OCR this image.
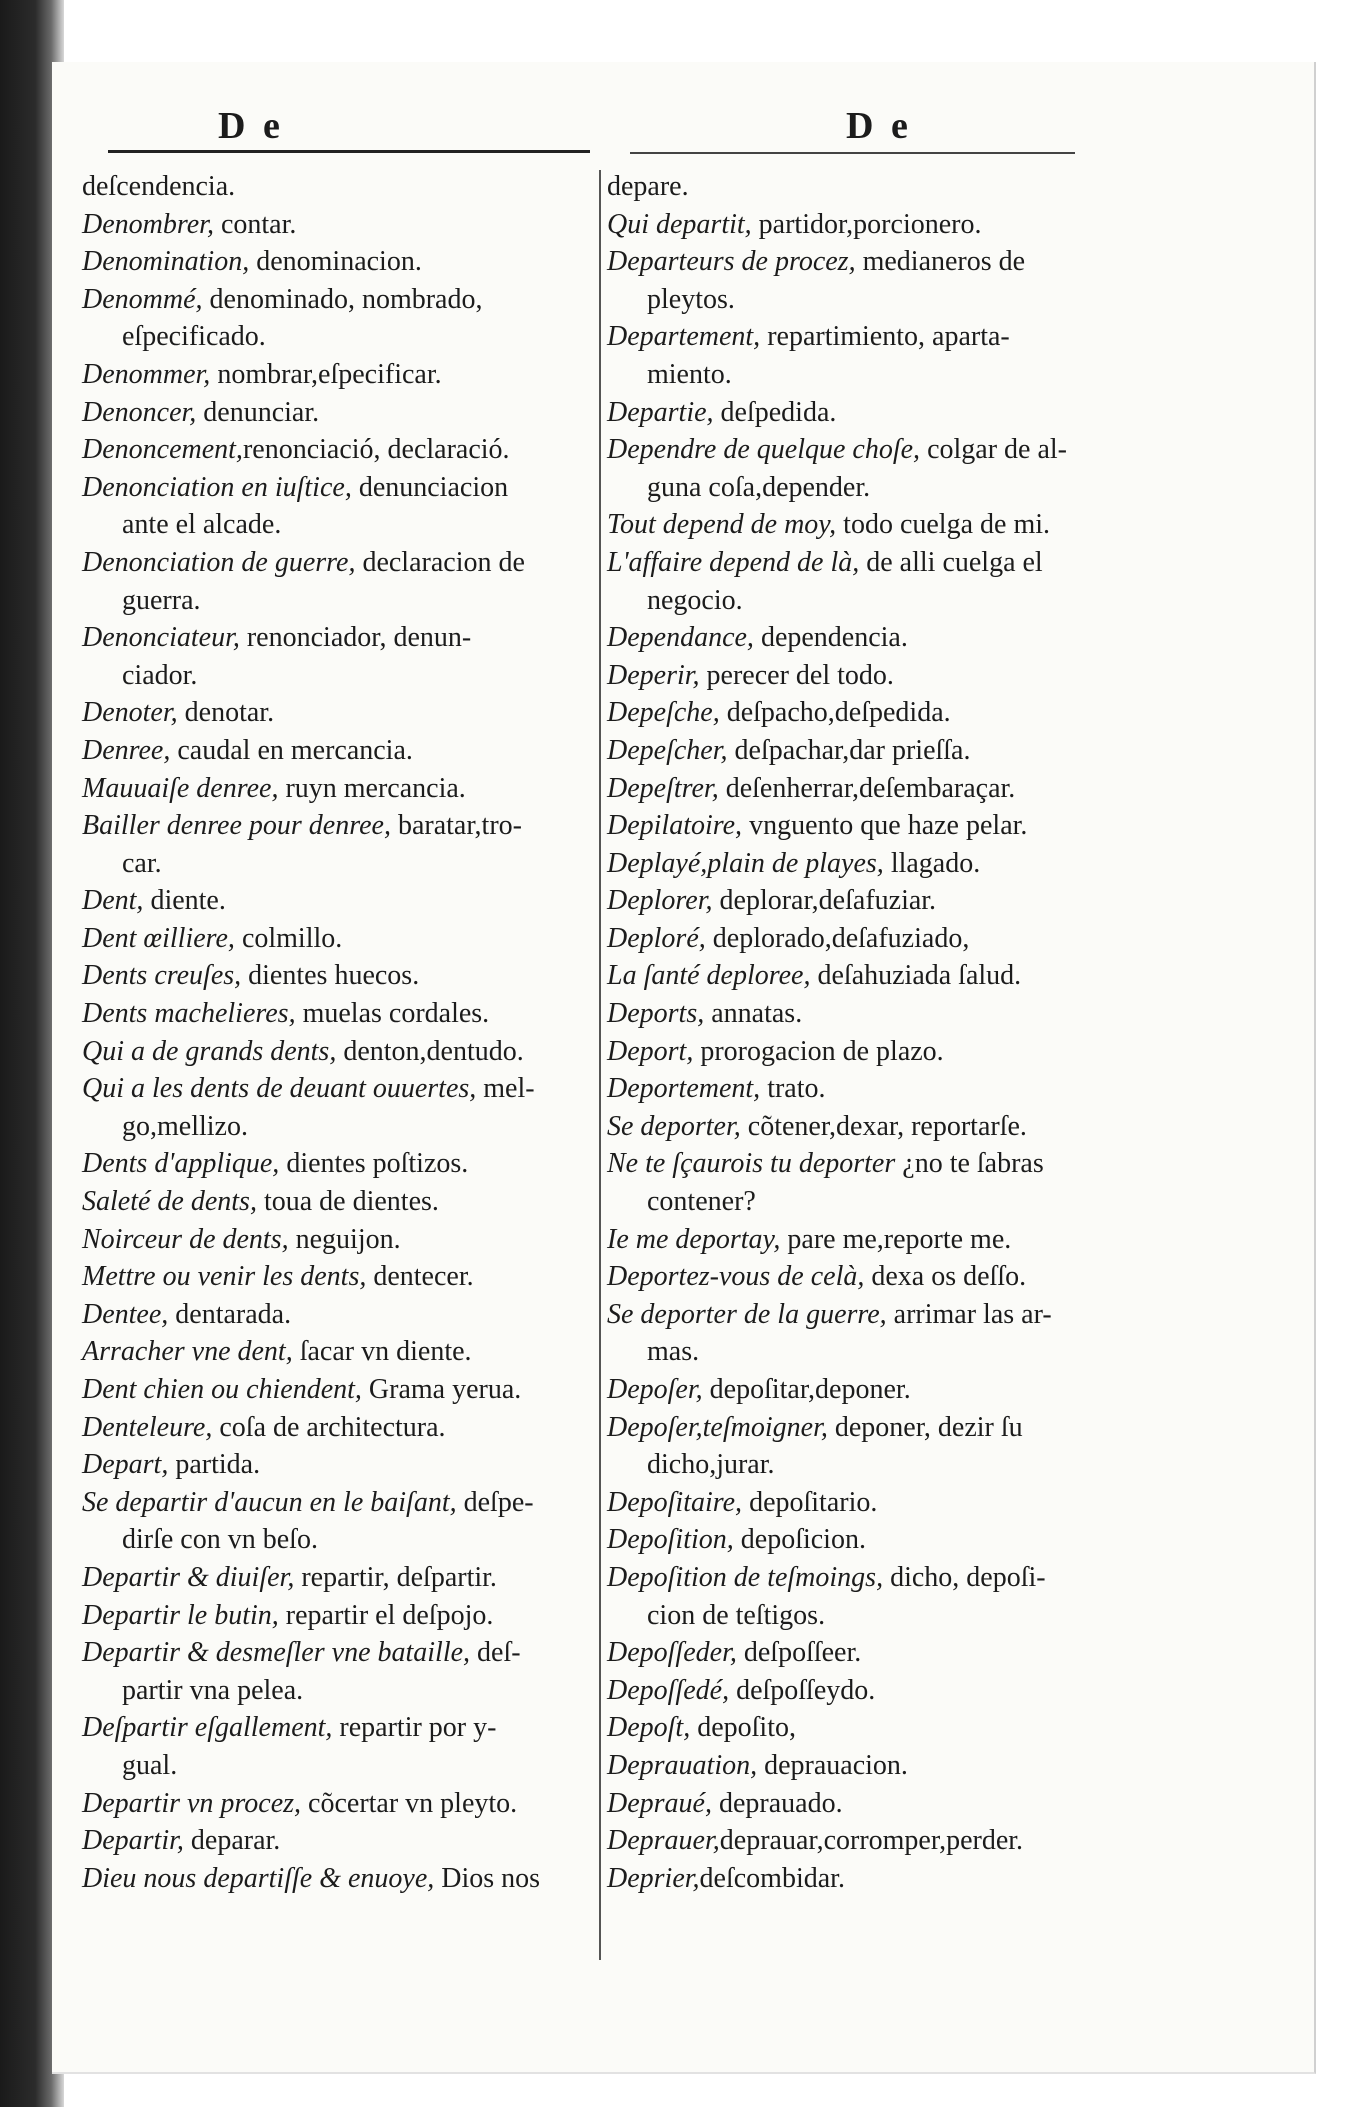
D e	D e
deſcendencia.
Denombrer, contar.
Denomination, denominacion.
Denommé, denominado, nombrado,
eſpecificado.
Denommer, nombrar,eſpecificar.
Denoncer, denunciar.
Denoncement,renonciació, declaració.
Denonciation en iuſtice, denunciacion
ante el alcade.
Denonciation de guerre, declaracion de
guerra.
Denonciateur, renonciador, denun-
ciador.
Denoter, denotar.
Denree, caudal en mercancia.
Mauuaiſe denree, ruyn mercancia.
Bailler denree pour denree, baratar,tro-
car.
Dent, diente.
Dent œilliere, colmillo.
Dents creuſes, dientes huecos.
Dents machelieres, muelas cordales.
Qui a de grands dents, denton,dentudo.
Qui a les dents de deuant ouuertes, mel-
go,mellizo.
Dents d'applique, dientes poſtizos.
Saleté de dents, toua de dientes.
Noirceur de dents, neguijon.
Mettre ou venir les dents, dentecer.
Dentee, dentarada.
Arracher vne dent, ſacar vn diente.
Dent chien ou chiendent, Grama yerua.
Denteleure, coſa de architectura.
Depart, partida.
Se departir d'aucun en le baiſant, deſpe-
dirſe con vn beſo.
Departir & diuiſer, repartir, deſpartir.
Departir le butin, repartir el deſpojo.
Departir & desmeſler vne bataille, deſ-
partir vna pelea.
Deſpartir eſgallement, repartir por y-
gual.
Departir vn procez, cõcertar vn pleyto.
Departir, deparar.
Dieu nous departiſſe & enuoye, Dios nos
depare.
Qui departit, partidor,porcionero.
Departeurs de procez, medianeros de
pleytos.
Departement, repartimiento, aparta-
miento.
Departie, deſpedida.
Dependre de quelque choſe, colgar de al-
guna coſa,depender.
Tout depend de moy, todo cuelga de mi.
L'affaire depend de là, de alli cuelga el
negocio.
Dependance, dependencia.
Deperir, perecer del todo.
Depeſche, deſpacho,deſpedida.
Depeſcher, deſpachar,dar prieſſa.
Depeſtrer, deſenherrar,deſembaraçar.
Depilatoire, vnguento que haze pelar.
Deplayé,plain de playes, llagado.
Deplorer, deplorar,deſafuziar.
Deploré, deplorado,deſafuziado,
La ſanté deploree, deſahuziada ſalud.
Deports, annatas.
Deport, prorogacion de plazo.
Deportement, trato.
Se deporter, cõtener,dexar, reportarſe.
Ne te ſçaurois tu deporter ¿no te ſabras
contener?
Ie me deportay, pare me,reporte me.
Deportez-vous de celà, dexa os deſſo.
Se deporter de la guerre, arrimar las ar-
mas.
Depoſer, depoſitar,deponer.
Depoſer,teſmoigner, deponer, dezir ſu
dicho,jurar.
Depoſitaire, depoſitario.
Depoſition, depoſicion.
Depoſition de teſmoings, dicho, depoſi-
cion de teſtigos.
Depoſſeder, deſpoſſeer.
Depoſſedé, deſpoſſeydo.
Depoſt, depoſito,
Deprauation, deprauacion.
Depraué, deprauado.
Deprauer,deprauar,corromper,perder.
Deprier,deſcombidar.
